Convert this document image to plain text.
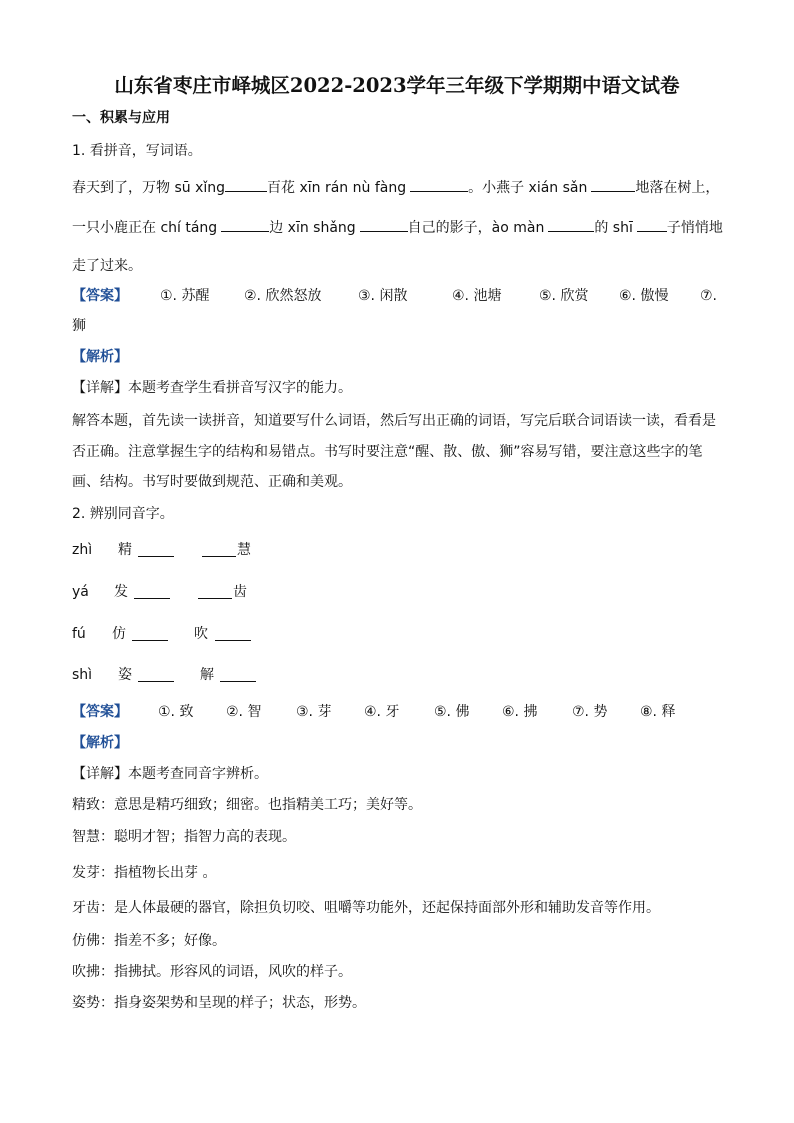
山东省枣庄市峄城区2022-2023学年三年级下学期期中语文试卷
一、积累与应用
1. 看拼音，写词语。
春天到了，万物 sū xǐng	百花 xīn rán nù fàng	。小燕子 xián sǎn	地落在树上，
一只小鹿正在 chí táng	边 xīn shǎng	自己的影子，ào màn	的 shī 子悄悄地
走了过来。
【答案】 ①. 苏醒 ②. 欣然怒放	③. 闲散	④. 池塘	⑤. 欣赏 ⑥. 傲慢 ⑦.
狮
【解析】
【详解】本题考查学生看拼音写汉字的能力。
解答本题，首先读一读拼音，知道要写什么词语，然后写出正确的词语，写完后联合词语读一读，看看是
否正确。注意掌握生字的结构和易错点。书写时要注意“醒、散、傲、狮”容易写错，要注意这些字的笔
画、结构。书写时要做到规范、正确和美观。
2. 辨别同音字。
zhì 精	慧
yá 发	齿
fú 仿	吹
shì 姿	解
【答案】 ①. 致 ②. 智 ③. 芽 ④. 牙 ⑤. 佛 ⑥. 拂 ⑦. 势 ⑧. 释
【解析】
【详解】本题考查同音字辨析。
精致：意思是精巧细致；细密。也指精美工巧；美好等。
智慧：聪明才智；指智力高的表现。
发芽：指植物长出芽 。
牙齿：是人体最硬的器官，除担负切咬、咀嚼等功能外，还起保持面部外形和辅助发音等作用。
仿佛：指差不多；好像。
吹拂：指拂拭。形容风的词语，风吹的样子。
姿势：指身姿架势和呈现的样子；状态，形势。
